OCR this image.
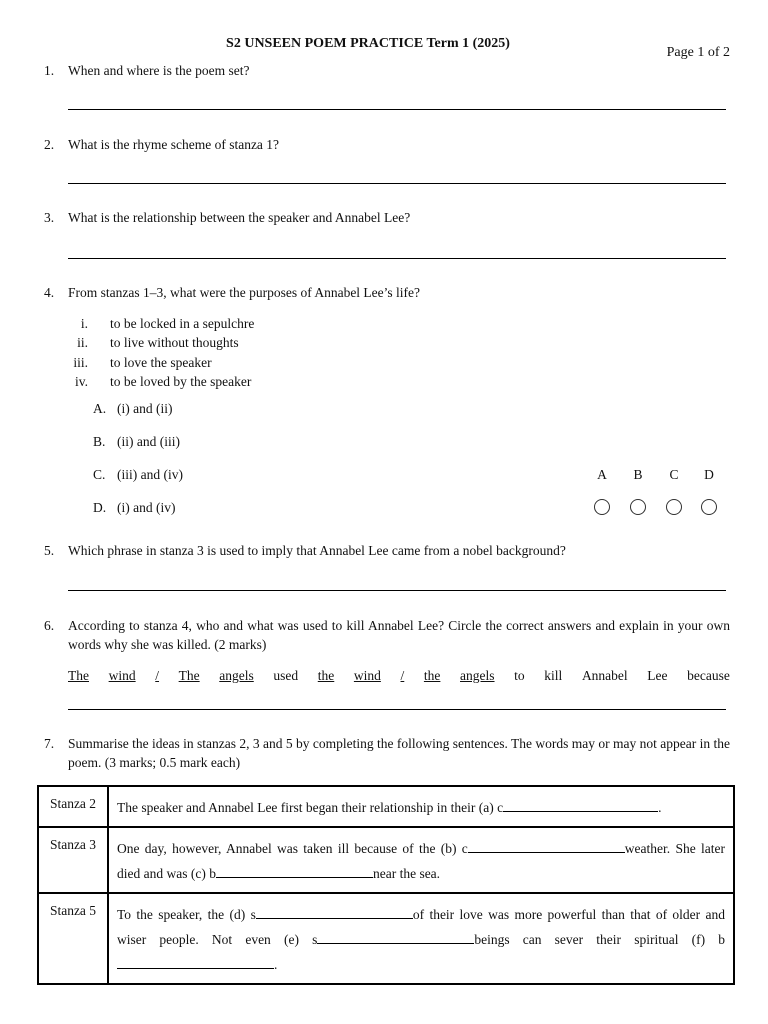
S2 UNSEEN POEM PRACTICE Term 1 (2025)
Page 1 of 2
1. When and where is the poem set?
2. What is the rhyme scheme of stanza 1?
3. What is the relationship between the speaker and Annabel Lee?
4. From stanzas 1–3, what were the purposes of Annabel Lee’s life?
i. to be locked in a sepulchre
ii. to live without thoughts
iii. to love the speaker
iv. to be loved by the speaker
A. (i) and (ii)
B. (ii) and (iii)
C. (iii) and (iv)
D. (i) and (iv)
A B C D
5. Which phrase in stanza 3 is used to imply that Annabel Lee came from a nobel background?
6. According to stanza 4, who and what was used to kill Annabel Lee? Circle the correct answers and explain in your own words why she was killed. (2 marks)
The wind / The angels used the wind / the angels to kill Annabel Lee because
7. Summarise the ideas in stanzas 2, 3 and 5 by completing the following sentences. The words may or may not appear in the poem. (3 marks; 0.5 mark each)
Stanza 2	The speaker and Annabel Lee first began their relationship in their (a) c .
Stanza 3	One day, however, Annabel was taken ill because of the (b) c weather. She later died and was (c) b near the sea.
Stanza 5	To the speaker, the (d) s of their love was more powerful than that of older and wiser people. Not even (e) s beings can sever their spiritual (f) b.
